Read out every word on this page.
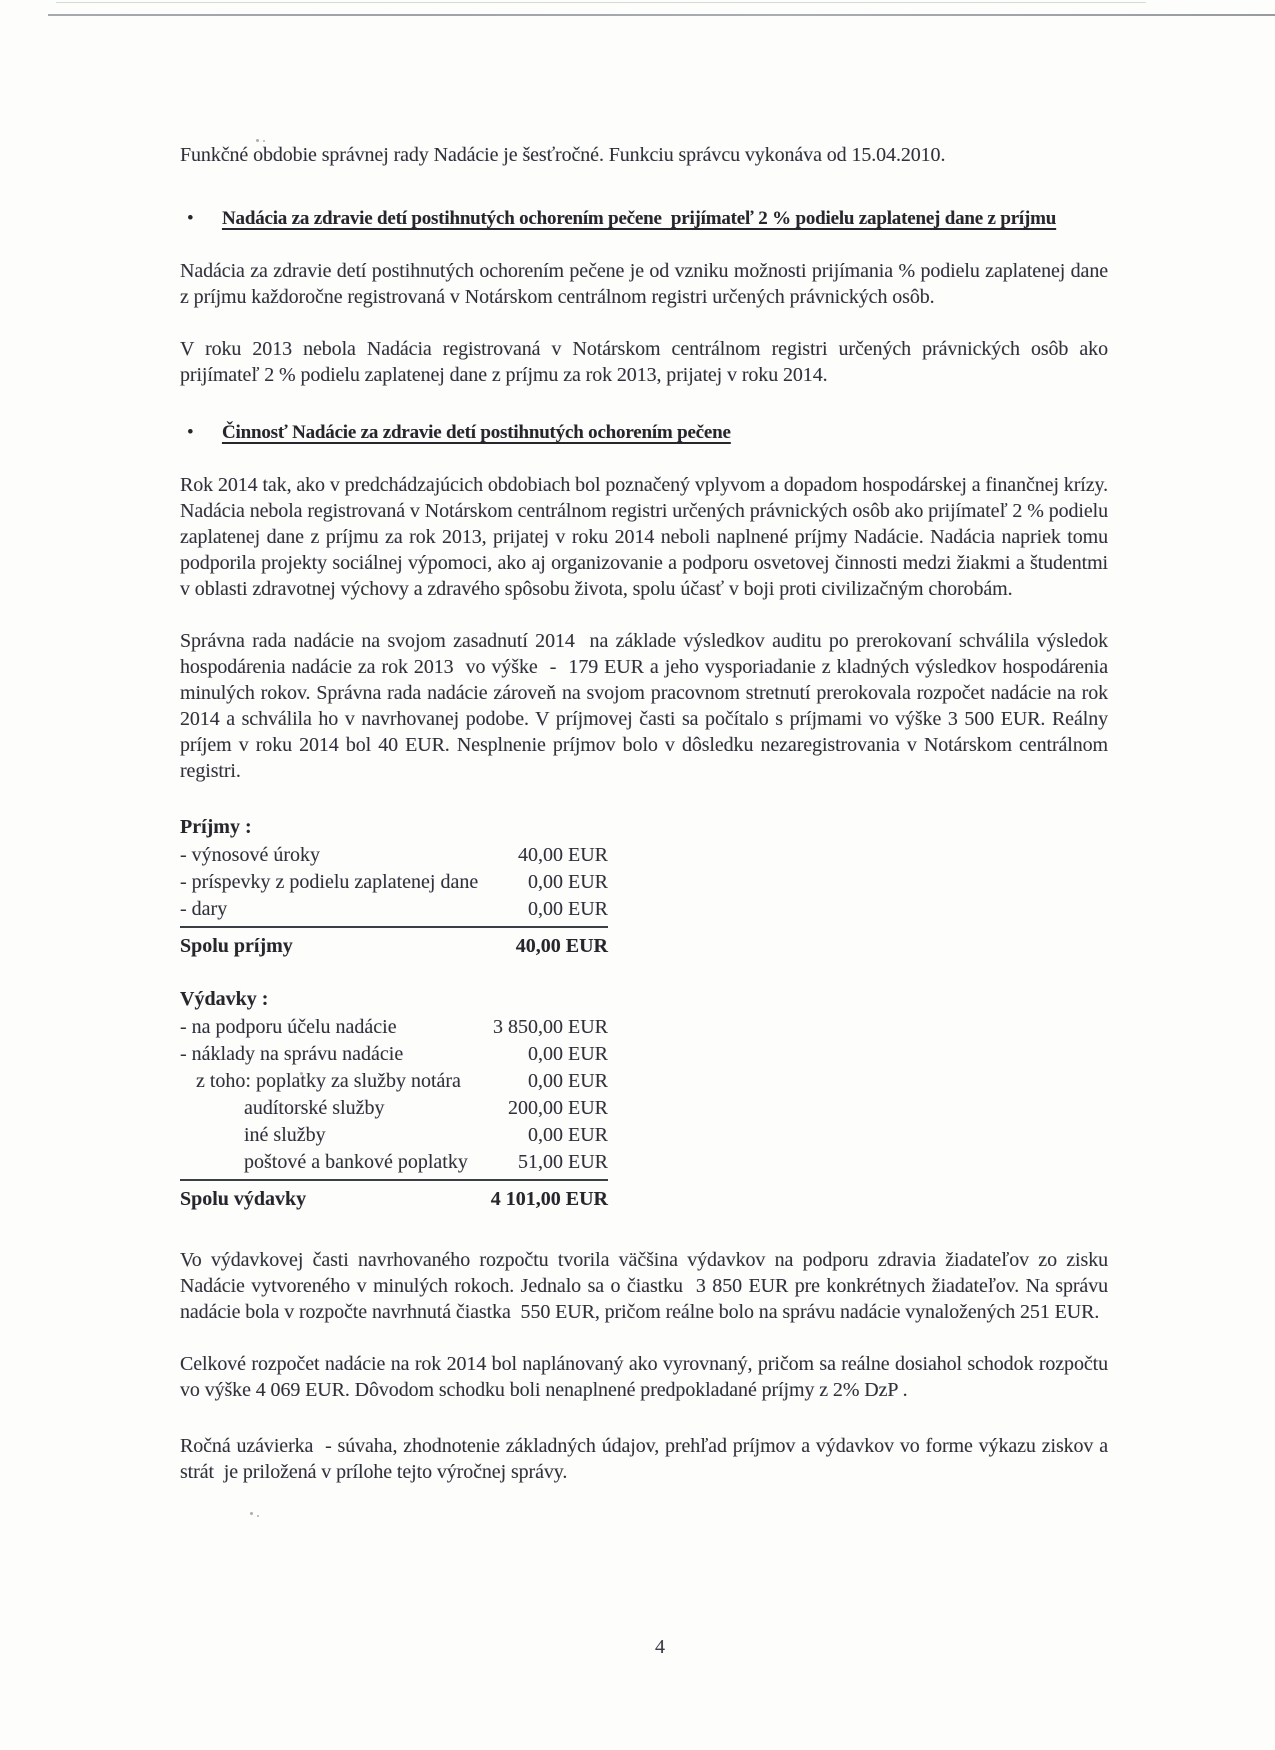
Funkčné obdobie správnej rady Nadácie je šesťročné. Funkciu správcu vykonáva od 15.04.2010.

•	Nadácia za zdravie detí postihnutých ochorením pečene  prijímateľ 2 % podielu zaplatenej dane z príjmu

Nadácia za zdravie detí postihnutých ochorením pečene je od vzniku možnosti prijímania % podielu zaplatenej dane z príjmu každoročne registrovaná v Notárskom centrálnom registri určených právnických osôb.

V roku 2013 nebola Nadácia registrovaná v Notárskom centrálnom registri určených právnických osôb ako prijímateľ 2 % podielu zaplatenej dane z príjmu za rok 2013, prijatej v roku 2014.

•	Činnosť Nadácie za zdravie detí postihnutých ochorením pečene

Rok 2014 tak, ako v predchádzajúcich obdobiach bol poznačený vplyvom a dopadom hospodárskej a finančnej krízy. Nadácia nebola registrovaná v Notárskom centrálnom registri určených právnických osôb ako prijímateľ 2 % podielu zaplatenej dane z príjmu za rok 2013, prijatej v roku 2014 neboli naplnené príjmy Nadácie. Nadácia napriek tomu podporila projekty sociálnej výpomoci, ako aj organizovanie a podporu osvetovej činnosti medzi žiakmi a študentmi v oblasti zdravotnej výchovy a zdravého spôsobu života, spolu účasť v boji proti civilizačným chorobám.

Správna rada nadácie na svojom zasadnutí 2014  na základe výsledkov auditu po prerokovaní schválila výsledok hospodárenia nadácie za rok 2013  vo výške  -  179 EUR a jeho vysporiadanie z kladných výsledkov hospodárenia minulých rokov. Správna rada nadácie zároveň na svojom pracovnom stretnutí prerokovala rozpočet nadácie na rok 2014 a schválila ho v navrhovanej podobe. V príjmovej časti sa počítalo s príjmami vo výške 3 500 EUR. Reálny príjem v roku 2014 bol 40 EUR. Nesplnenie príjmov bolo v dôsledku nezaregistrovania v Notárskom centrálnom registri.

Príjmy :
- výnosové úroky	40,00 EUR
- príspevky z podielu zaplatenej dane 0,00 EUR
- dary	0,00 EUR
Spolu príjmy	40,00 EUR
Výdavky :
- na podporu účelu nadácie	3 850,00 EUR
- náklady na správu nadácie	0,00 EUR
z toho: poplatky za služby notára	0,00 EUR
audítorské služby	200,00 EUR
iné služby	0,00 EUR
poštové a bankové poplatky	51,00 EUR
Spolu výdavky	4 101,00 EUR

Vo výdavkovej časti navrhovaného rozpočtu tvorila väčšina výdavkov na podporu zdravia žiadateľov zo zisku Nadácie vytvoreného v minulých rokoch. Jednalo sa o čiastku  3 850 EUR pre konkrétnych žiadateľov. Na správu nadácie bola v rozpočte navrhnutá čiastka  550 EUR, pričom reálne bolo na správu nadácie vynaložených 251 EUR.

Celkové rozpočet nadácie na rok 2014 bol naplánovaný ako vyrovnaný, pričom sa reálne dosiahol schodok rozpočtu vo výške 4 069 EUR. Dôvodom schodku boli nenaplnené predpokladané príjmy z 2% DzP .

Ročná uzávierka  - súvaha, zhodnotenie základných údajov, prehľad príjmov a výdavkov vo forme výkazu ziskov a strát  je priložená v prílohe tejto výročnej správy.

4
